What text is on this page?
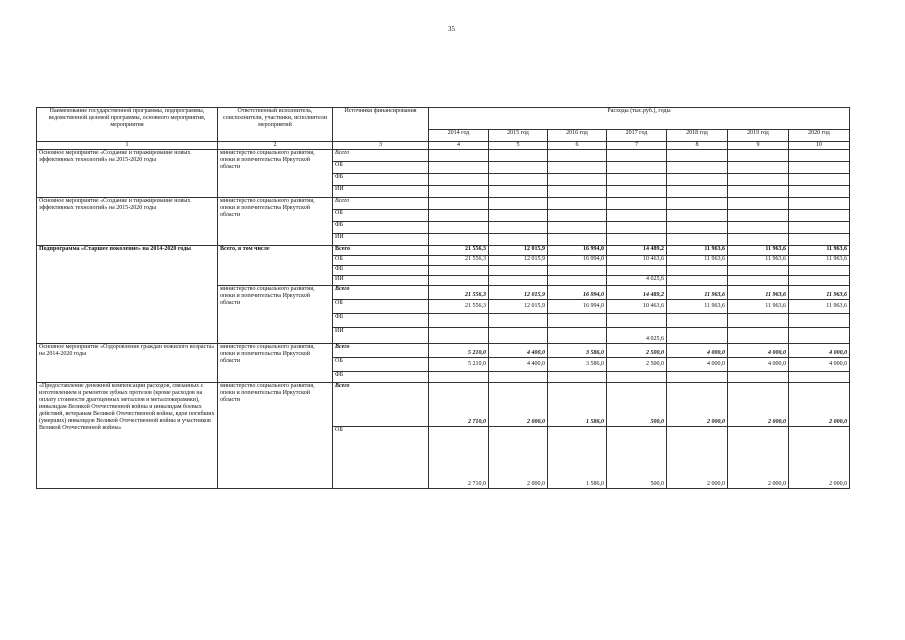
35
Наименование государственной программы, подпрограммы, ведомственной целевой программы, основного мероприятия, мероприятия	Ответственный исполнитель, соисполнители, участники, исполнители мероприятий	Источники финансирования	Расходы (тыс.руб.), годы						
			2014 год	2015 год	2016 год	2017 год	2018 год	2019 год	2020 год
1	2	3	4	5	6	7	8	9	10
Основное мероприятие «Создание и тиражирование новых эффективных технологий» на 2015-2020 годы	министерство социального развития, опеки и попечительства Иркутской области	Всего							
		ОБ							
		ФБ							
		ИИ							
Основное мероприятие «Создание и тиражирование новых эффективных технологий» на 2015-2020 годы	министерство социального развития, опеки и попечительства Иркутской области	Всего							
		ОБ							
		ФБ							
		ИИ							
Подпрограмма «Старшее поколение» на 2014-2020 годы	Всего, в том числе	Всего	21 556,3	12 015,9	16 994,0	14 489,2	11 963,6	11 963,6	11 963,6
		ОБ	21 556,3	12 015,9	16 994,0	10 463,6	11 963,6	11 963,6	11 963,6
		ФБ							
		ИИ				4 025,6			
	министерство социального развития, опеки и попечительства Иркутской области	Всего	21 556,3	12 015,9	16 994,0	14 489,2	11 963,6	11 963,6	11 963,6
		ОБ	21 556,3	12 015,9	16 994,0	10 463,6	11 963,6	11 963,6	11 963,6
		ФБ							
		ИИ				4 025,6			
Основное мероприятие «Оздоровление граждан пожилого возраста» на 2014-2020 годы	министерство социального развития, опеки и попечительства Иркутской области	Всего	5 210,0	4 400,0	3 586,0	2 500,0	4 000,0	4 000,0	4 000,0
		ОБ	5 210,0	4 400,0	3 586,0	2 500,0	4 000,0	4 000,0	4 000,0
		ФБ							
«Предоставление денежной компенсации расходов, связанных с изготовлением и ремонтом зубных протезов (кроме расходов на оплату стоимости драгоценных металлов и металлокерамики), инвалидам Великой Отечественной войны и инвалидам боевых действий, ветеранам Великой Отечественной войны, вдов погибших (умерших) инвалидов Великой Отечественной войны и участников Великой Отечественной войны»	министерство социального развития, опеки и попечительства Иркутской области	Всего	2 710,0	2 000,0	1 586,0	500,0	2 000,0	2 000,0	2 000,0
		ОБ	2 710,0	2 000,0	1 586,0	500,0	2 000,0	2 000,0	2 000,0
